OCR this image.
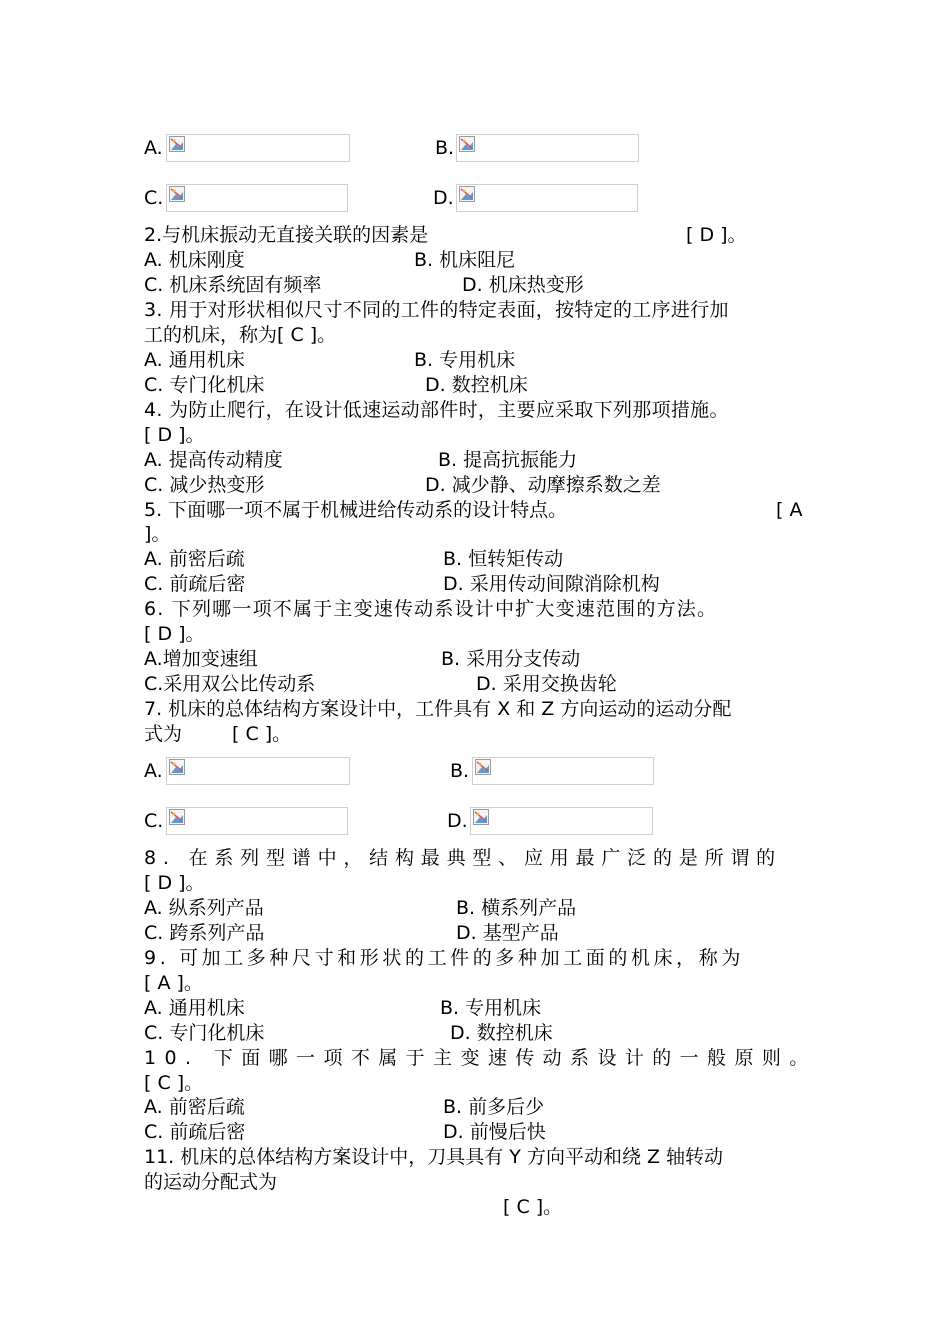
A.	B.
C.	D.
2.与机床振动无直接关联的因素是	[ D ]。
A. 机床刚度	B. 机床阻尼
C. 机床系统固有频率	D. 机床热变形
3. 用于对形状相似尺寸不同的工件的特定表面，按特定的工序进行加
工的机床，称为[ C ]。
A. 通用机床	B. 专用机床
C. 专门化机床	D. 数控机床
4. 为防止爬行，在设计低速运动部件时，主要应采取下列那项措施。
[ D ]。
A. 提高传动精度	B. 提高抗振能力
C. 减少热变形	D. 减少静、动摩擦系数之差
5. 下面哪一项不属于机械进给传动系的设计特点。	[ A
]。
A. 前密后疏	B. 恒转矩传动
C. 前疏后密	D. 采用传动间隙消除机构
6. 下列哪一项不属于主变速传动系设计中扩大变速范围的方法。
[ D ]。
A.增加变速组	B. 采用分支传动
C.采用双公比传动系	D. 采用交换齿轮
7. 机床的总体结构方案设计中，工件具有 X 和 Z 方向运动的运动分配
式为	[ C ]。
A.	B.
C.	D.
8. 在系列型谱中，结构最典型、应用最广泛的是所谓的
[ D ]。
A. 纵系列产品	B. 横系列产品
C. 跨系列产品	D. 基型产品
9. 可加工多种尺寸和形状的工件的多种加工面的机床，称为
[ A ]。
A. 通用机床	B. 专用机床
C. 专门化机床	D. 数控机床
10. 下面哪一项不属于主变速传动系设计的一般原则。
[ C ]。
A. 前密后疏	B. 前多后少
C. 前疏后密	D. 前慢后快
11. 机床的总体结构方案设计中，刀具具有 Y 方向平动和绕 Z 轴转动
的运动分配式为
[ C ]。
